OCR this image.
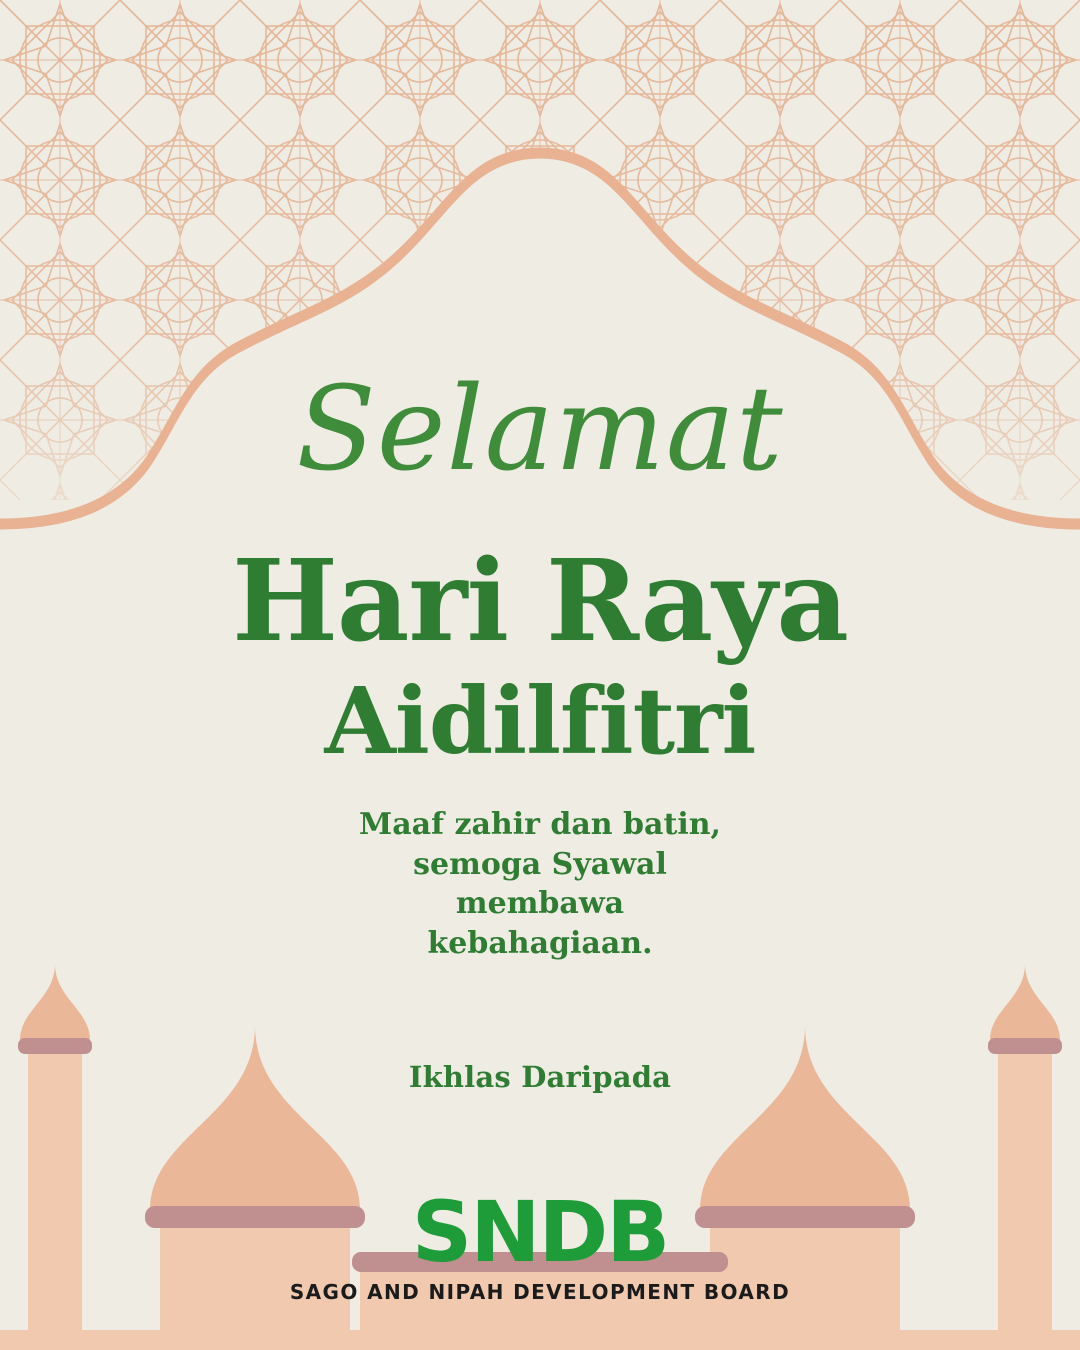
Selamat
Hari Raya
Aidilfitri
Maaf zahir dan batin,
semoga Syawal
membawa
kebahagiaan.
Ikhlas Daripada
SNDB
SAGO AND NIPAH DEVELOPMENT BOARD
